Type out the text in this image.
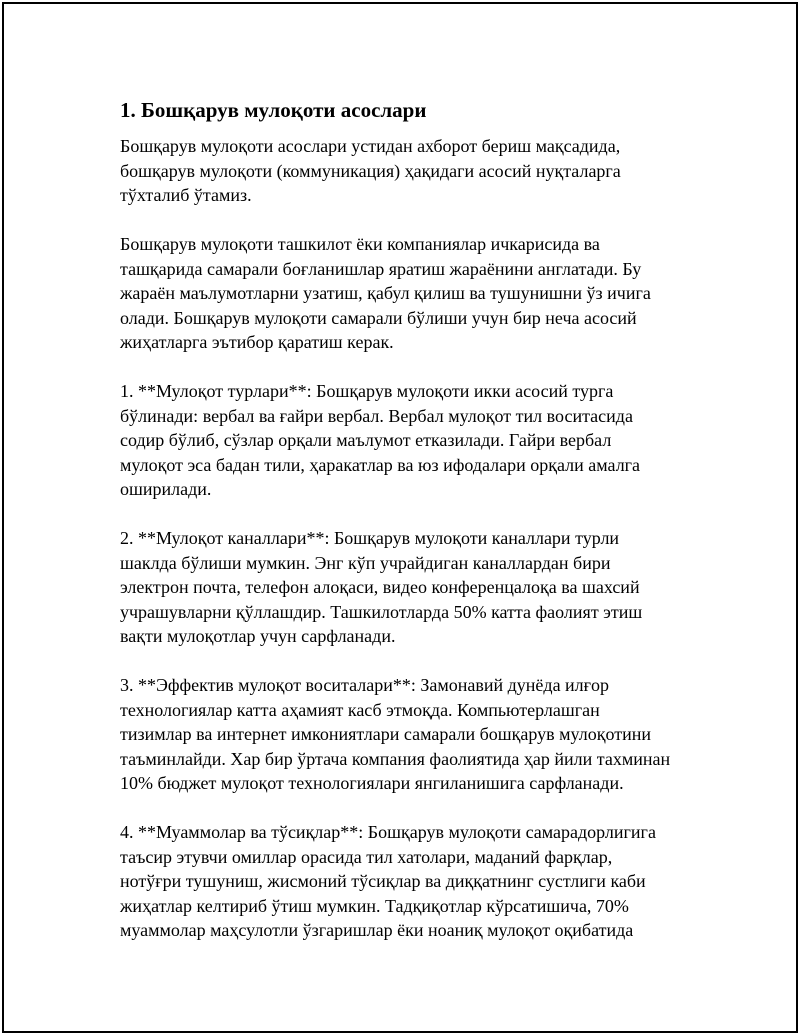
1. Бошқарув мулоқоти асослари

Бошқарув мулоқоти асослари устидан ахборот бериш мақсадида,
бошқарув мулоқоти (коммуникация) ҳақидаги асосий нуқталарга
тўхталиб ўтамиз.

Бошқарув мулоқоти ташкилот ёки компаниялар ичкарисида ва
ташқарида самарали боғланишлар яратиш жараёнини англатади. Бу
жараён маълумотларни узатиш, қабул қилиш ва тушунишни ўз ичига
олади. Бошқарув мулоқоти самарали бўлиши учун бир неча асосий
жиҳатларга эътибор қаратиш керак.

1. **Мулоқот турлари**: Бошқарув мулоқоти икки асосий турга
бўлинади: вербал ва ғайри вербал. Вербал мулоқот тил воситасида
содир бўлиб, сўзлар орқали маълумот етказилади. Гайри вербал
мулоқот эса бадан тили, ҳаракатлар ва юз ифодалари орқали амалга
оширилади.

2. **Мулоқот каналлари**: Бошқарув мулоқоти каналлари турли
шаклда бўлиши мумкин. Энг кўп учрайдиган каналлардан бири
электрон почта, телефон алоқаси, видео конференцалоқа ва шахсий
учрашувларни қўллашдир. Ташкилотларда 50% катта фаолият этиш
вақти мулоқотлар учун сарфланади.

3. **Эффектив мулоқот воситалари**: Замонавий дунёда илғор
технологиялар катта аҳамият касб этмоқда. Компьютерлашган
тизимлар ва интернет имкониятлари самарали бошқарув мулоқотини
таъминлайди. Хар бир ўртача компания фаолиятида ҳар йили тахминан
10% бюджет мулоқот технологиялари янгиланишига сарфланади.

4. **Муаммолар ва тўсиқлар**: Бошқарув мулоқоти самарадорлигига
таъсир этувчи омиллар орасида тил хатолари, маданий фарқлар,
нотўғри тушуниш, жисмоний тўсиқлар ва диққатнинг сустлиги каби
жиҳатлар келтириб ўтиш мумкин. Тадқиқотлар кўрсатишича, 70%
муаммолар маҳсулотли ўзгаришлар ёки ноаниқ мулоқот оқибатида
